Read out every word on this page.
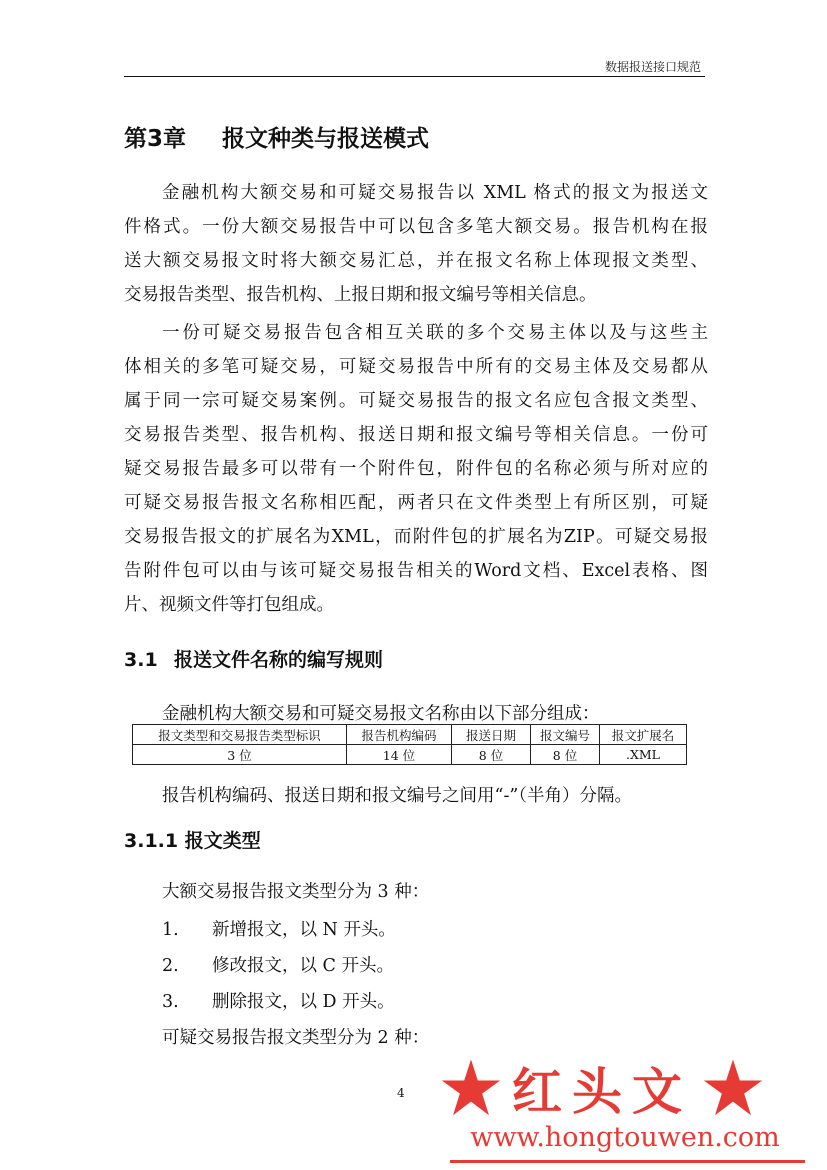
数据报送接口规范
第3章 报文种类与报送模式
金融机构大额交易和可疑交易报告以 XML 格式的报文为报送文
件格式。一份大额交易报告中可以包含多笔大额交易。报告机构在报
送大额交易报文时将大额交易汇总，并在报文名称上体现报文类型、
交易报告类型、报告机构、上报日期和报文编号等相关信息。
一份可疑交易报告包含相互关联的多个交易主体以及与这些主
体相关的多笔可疑交易，可疑交易报告中所有的交易主体及交易都从
属于同一宗可疑交易案例。可疑交易报告的报文名应包含报文类型、
交易报告类型、报告机构、报送日期和报文编号等相关信息。一份可
疑交易报告最多可以带有一个附件包，附件包的名称必须与所对应的
可疑交易报告报文名称相匹配，两者只在文件类型上有所区别，可疑
交易报告报文的扩展名为XML，而附件包的扩展名为ZIP。可疑交易报
告附件包可以由与该可疑交易报告相关的Word文档、Excel表格、图
片、视频文件等打包组成。
3.1 报送文件名称的编写规则
金融机构大额交易和可疑交易报文名称由以下部分组成：
报文类型和交易报告类型标识	报告机构编码	报送日期	报文编号	报文扩展名
3 位	14 位	8 位	8 位	.XML
报告机构编码、报送日期和报文编号之间用“-”（半角）分隔。
3.1.1 报文类型
大额交易报告报文类型分为 3 种：
1. 新增报文，以 N 开头。
2. 修改报文，以 C 开头。
3. 删除报文，以 D 开头。
可疑交易报告报文类型分为 2 种：
4 红头文
www.hongtouwen.com
